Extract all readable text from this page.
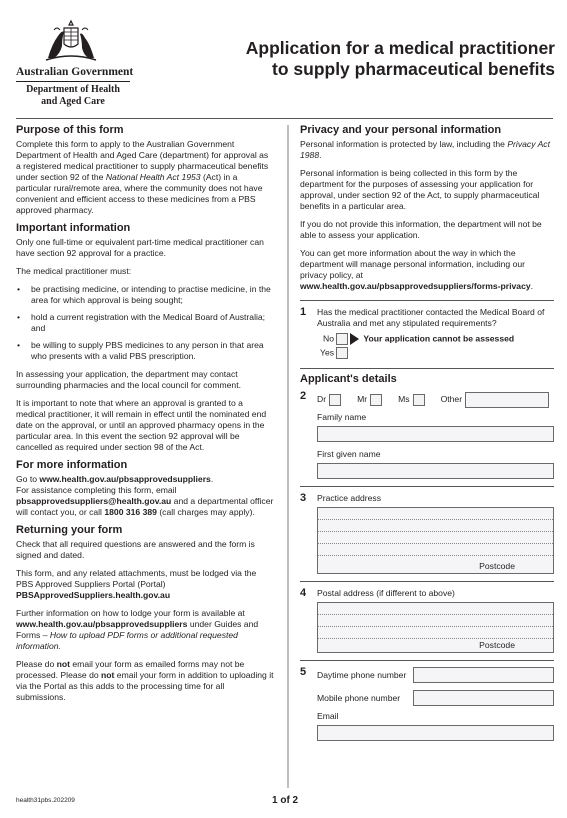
Australian Government
Department of Health
and Aged Care
Application for a medical practitioner
to supply pharmaceutical benefits
Purpose of this form

Complete this form to apply to the Australian Government Department of Health and Aged Care (department) for approval as a registered medical practitioner to supply pharmaceutical benefits under section 92 of the National Health Act 1953 (Act) in a particular rural/remote area, where the community does not have convenient and efficient access to these medicines from a PBS approved pharmacy.

Important information

Only one full-time or equivalent part-time medical practitioner can have section 92 approval for a practice.

The medical practitioner must:

• be practising medicine, or intending to practise medicine, in the area for which approval is being sought;
• hold a current registration with the Medical Board of Australia; and
• be willing to supply PBS medicines to any person in that area who presents with a valid PBS prescription.

In assessing your application, the department may contact surrounding pharmacies and the local council for comment.

It is important to note that where an approval is granted to a medical practitioner, it will remain in effect until the nominated end date on the approval, or until an approved pharmacy opens in the particular area. In this event the section 92 approval will be cancelled as required under section 98 of the Act.

For more information

Go to www.health.gov.au/pbsapprovedsuppliers.
For assistance completing this form, email pbsapprovedsuppliers@health.gov.au and a departmental officer will contact you, or call 1800 316 389 (call charges may apply).

Returning your form

Check that all required questions are answered and the form is signed and dated.

This form, and any related attachments, must be lodged via the PBS Approved Suppliers Portal (Portal)
PBSApprovedSuppliers.health.gov.au

Further information on how to lodge your form is available at www.health.gov.au/pbsapprovedsuppliers under Guides and Forms – How to upload PDF forms or additional requested information.

Please do not email your form as emailed forms may not be processed. Please do not email your form in addition to uploading it via the Portal as this adds to the processing time for all submissions.

Privacy and your personal information

Personal information is protected by law, including the Privacy Act 1988.

Personal information is being collected in this form by the department for the purposes of assessing your application for approval, under section 92 of the Act, to supply pharmaceutical benefits in a particular area.

If you do not provide this information, the department will not be able to assess your application.

You can get more information about the way in which the department will manage personal information, including our privacy policy, at www.health.gov.au/pbsapprovedsuppliers/forms-privacy.

1 Has the medical practitioner contacted the Medical Board of Australia and met any stipulated requirements?
No	Your application cannot be assessed
Yes
Applicant's details
2 Dr	Mr	Ms	Other
Family name
First given name
3 Practice address
Postcode
4 Postal address (if different to above)
Postcode
5 Daytime phone number
Mobile phone number
Email
health31pbs.202209	1 of 2
